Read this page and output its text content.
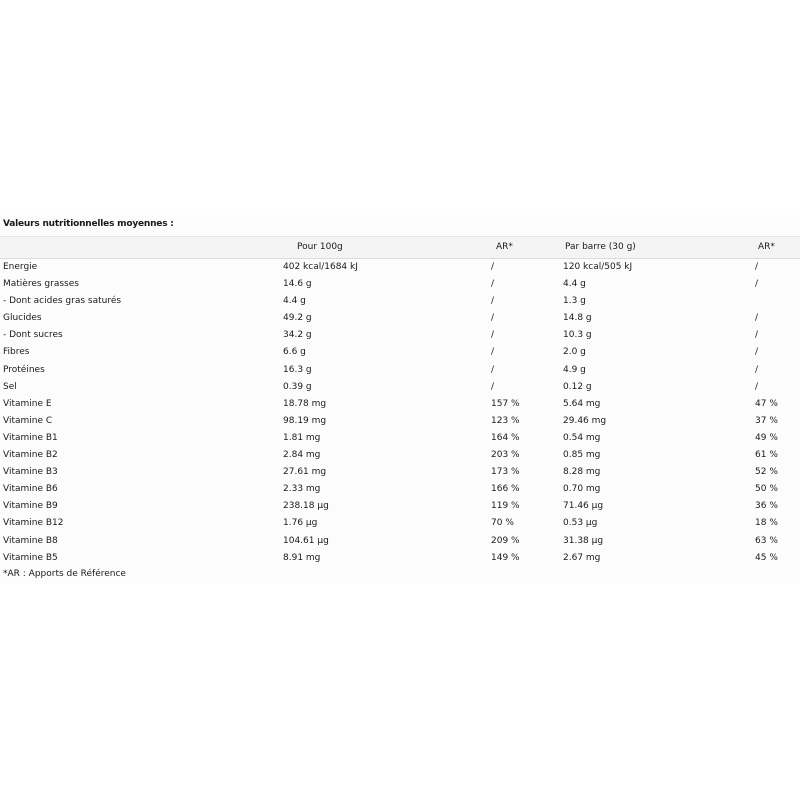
Valeurs nutritionnelles moyennes :
Pour 100g	AR*	Par barre (30 g)	AR*
Energie	402 kcal/1684 kJ	/	120 kcal/505 kJ	/
Matières grasses	14.6 g	/	4.4 g	/
- Dont acides gras saturés	4.4 g	/	1.3 g
Glucides	49.2 g	/	14.8 g	/
- Dont sucres	34.2 g	/	10.3 g	/
Fibres	6.6 g	/	2.0 g	/
Protéines	16.3 g	/	4.9 g	/
Sel	0.39 g	/	0.12 g	/
Vitamine E	18.78 mg	157 %	5.64 mg	47 %
Vitamine C	98.19 mg	123 %	29.46 mg	37 %
Vitamine B1	1.81 mg	164 %	0.54 mg	49 %
Vitamine B2	2.84 mg	203 %	0.85 mg	61 %
Vitamine B3	27.61 mg	173 %	8.28 mg	52 %
Vitamine B6	2.33 mg	166 %	0.70 mg	50 %
Vitamine B9	238.18 µg	119 %	71.46 µg	36 %
Vitamine B12	1.76 µg	70 %	0.53 µg	18 %
Vitamine B8	104.61 µg	209 %	31.38 µg	63 %
Vitamine B5	8.91 mg	149 %	2.67 mg	45 %
*AR : Apports de Référence
